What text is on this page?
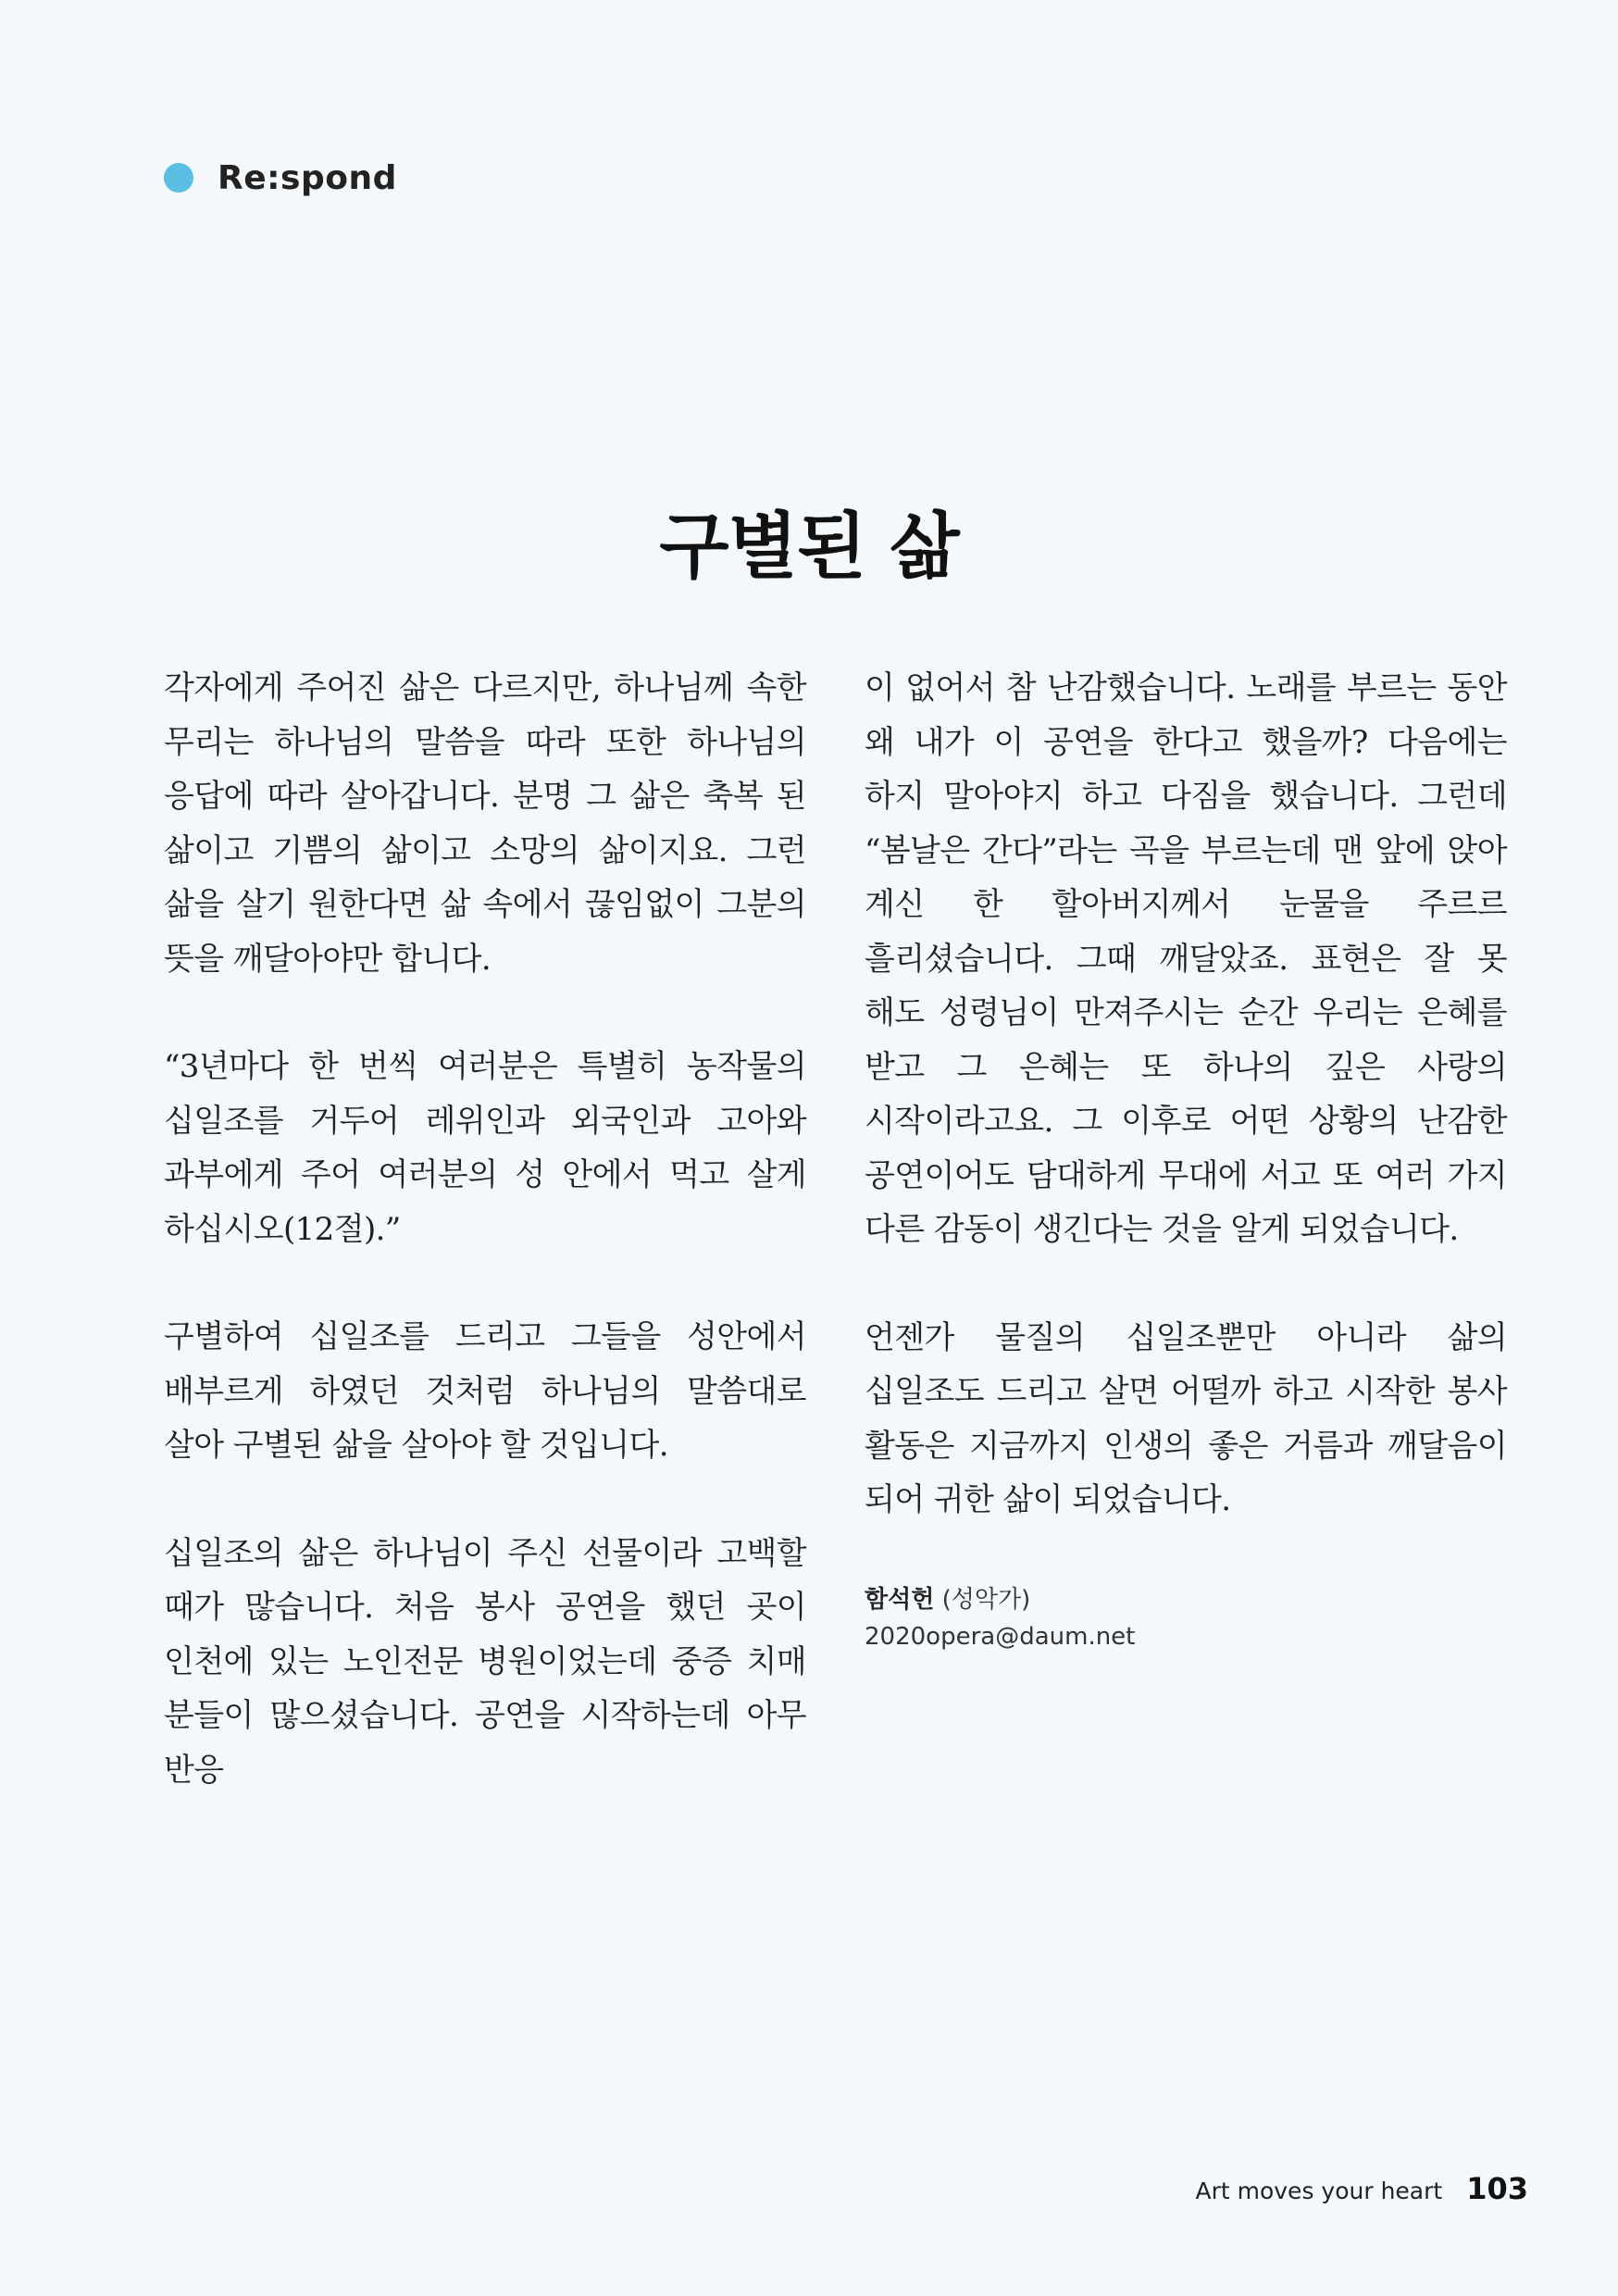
Re:spond
구별된 삶

각자에게 주어진 삶은 다르지만, 하나님께 속한 무리는 하나님의 말씀을 따라 또한 하나님의 응답에 따라 살아갑니다. 분명 그 삶은 축복 된 삶이고 기쁨의 삶이고 소망의 삶이지요. 그런 삶을 살기 원한다면 삶 속에서 끊임없이 그분의 뜻을 깨달아야만 합니다.

“3년마다 한 번씩 여러분은 특별히 농작물의 십일조를 거두어 레위인과 외국인과 고아와 과부에게 주어 여러분의 성 안에서 먹고 살게 하십시오(12절).”

구별하여 십일조를 드리고 그들을 성안에서 배부르게 하였던 것처럼 하나님의 말씀대로 살아 구별된 삶을 살아야 할 것입니다.

십일조의 삶은 하나님이 주신 선물이라 고백할 때가 많습니다. 처음 봉사 공연을 했던 곳이 인천에 있는 노인전문 병원이었는데 중증 치매 분들이 많으셨습니다. 공연을 시작하는데 아무 반응

이 없어서 참 난감했습니다. 노래를 부르는 동안 왜 내가 이 공연을 한다고 했을까? 다음에는 하지 말아야지 하고 다짐을 했습니다. 그런데 “봄날은 간다”라는 곡을 부르는데 맨 앞에 앉아 계신 한 할아버지께서 눈물을 주르르 흘리셨습니다. 그때 깨달았죠. 표현은 잘 못 해도 성령님이 만져주시는 순간 우리는 은혜를 받고 그 은혜는 또 하나의 깊은 사랑의 시작이라고요. 그 이후로 어떤 상황의 난감한 공연이어도 담대하게 무대에 서고 또 여러 가지 다른 감동이 생긴다는 것을 알게 되었습니다.

언젠가 물질의 십일조뿐만 아니라 삶의 십일조도 드리고 살면 어떨까 하고 시작한 봉사 활동은 지금까지 인생의 좋은 거름과 깨달음이 되어 귀한 삶이 되었습니다.

함석헌 (성악가)
2020opera@daum.net
Art moves your heart 103
